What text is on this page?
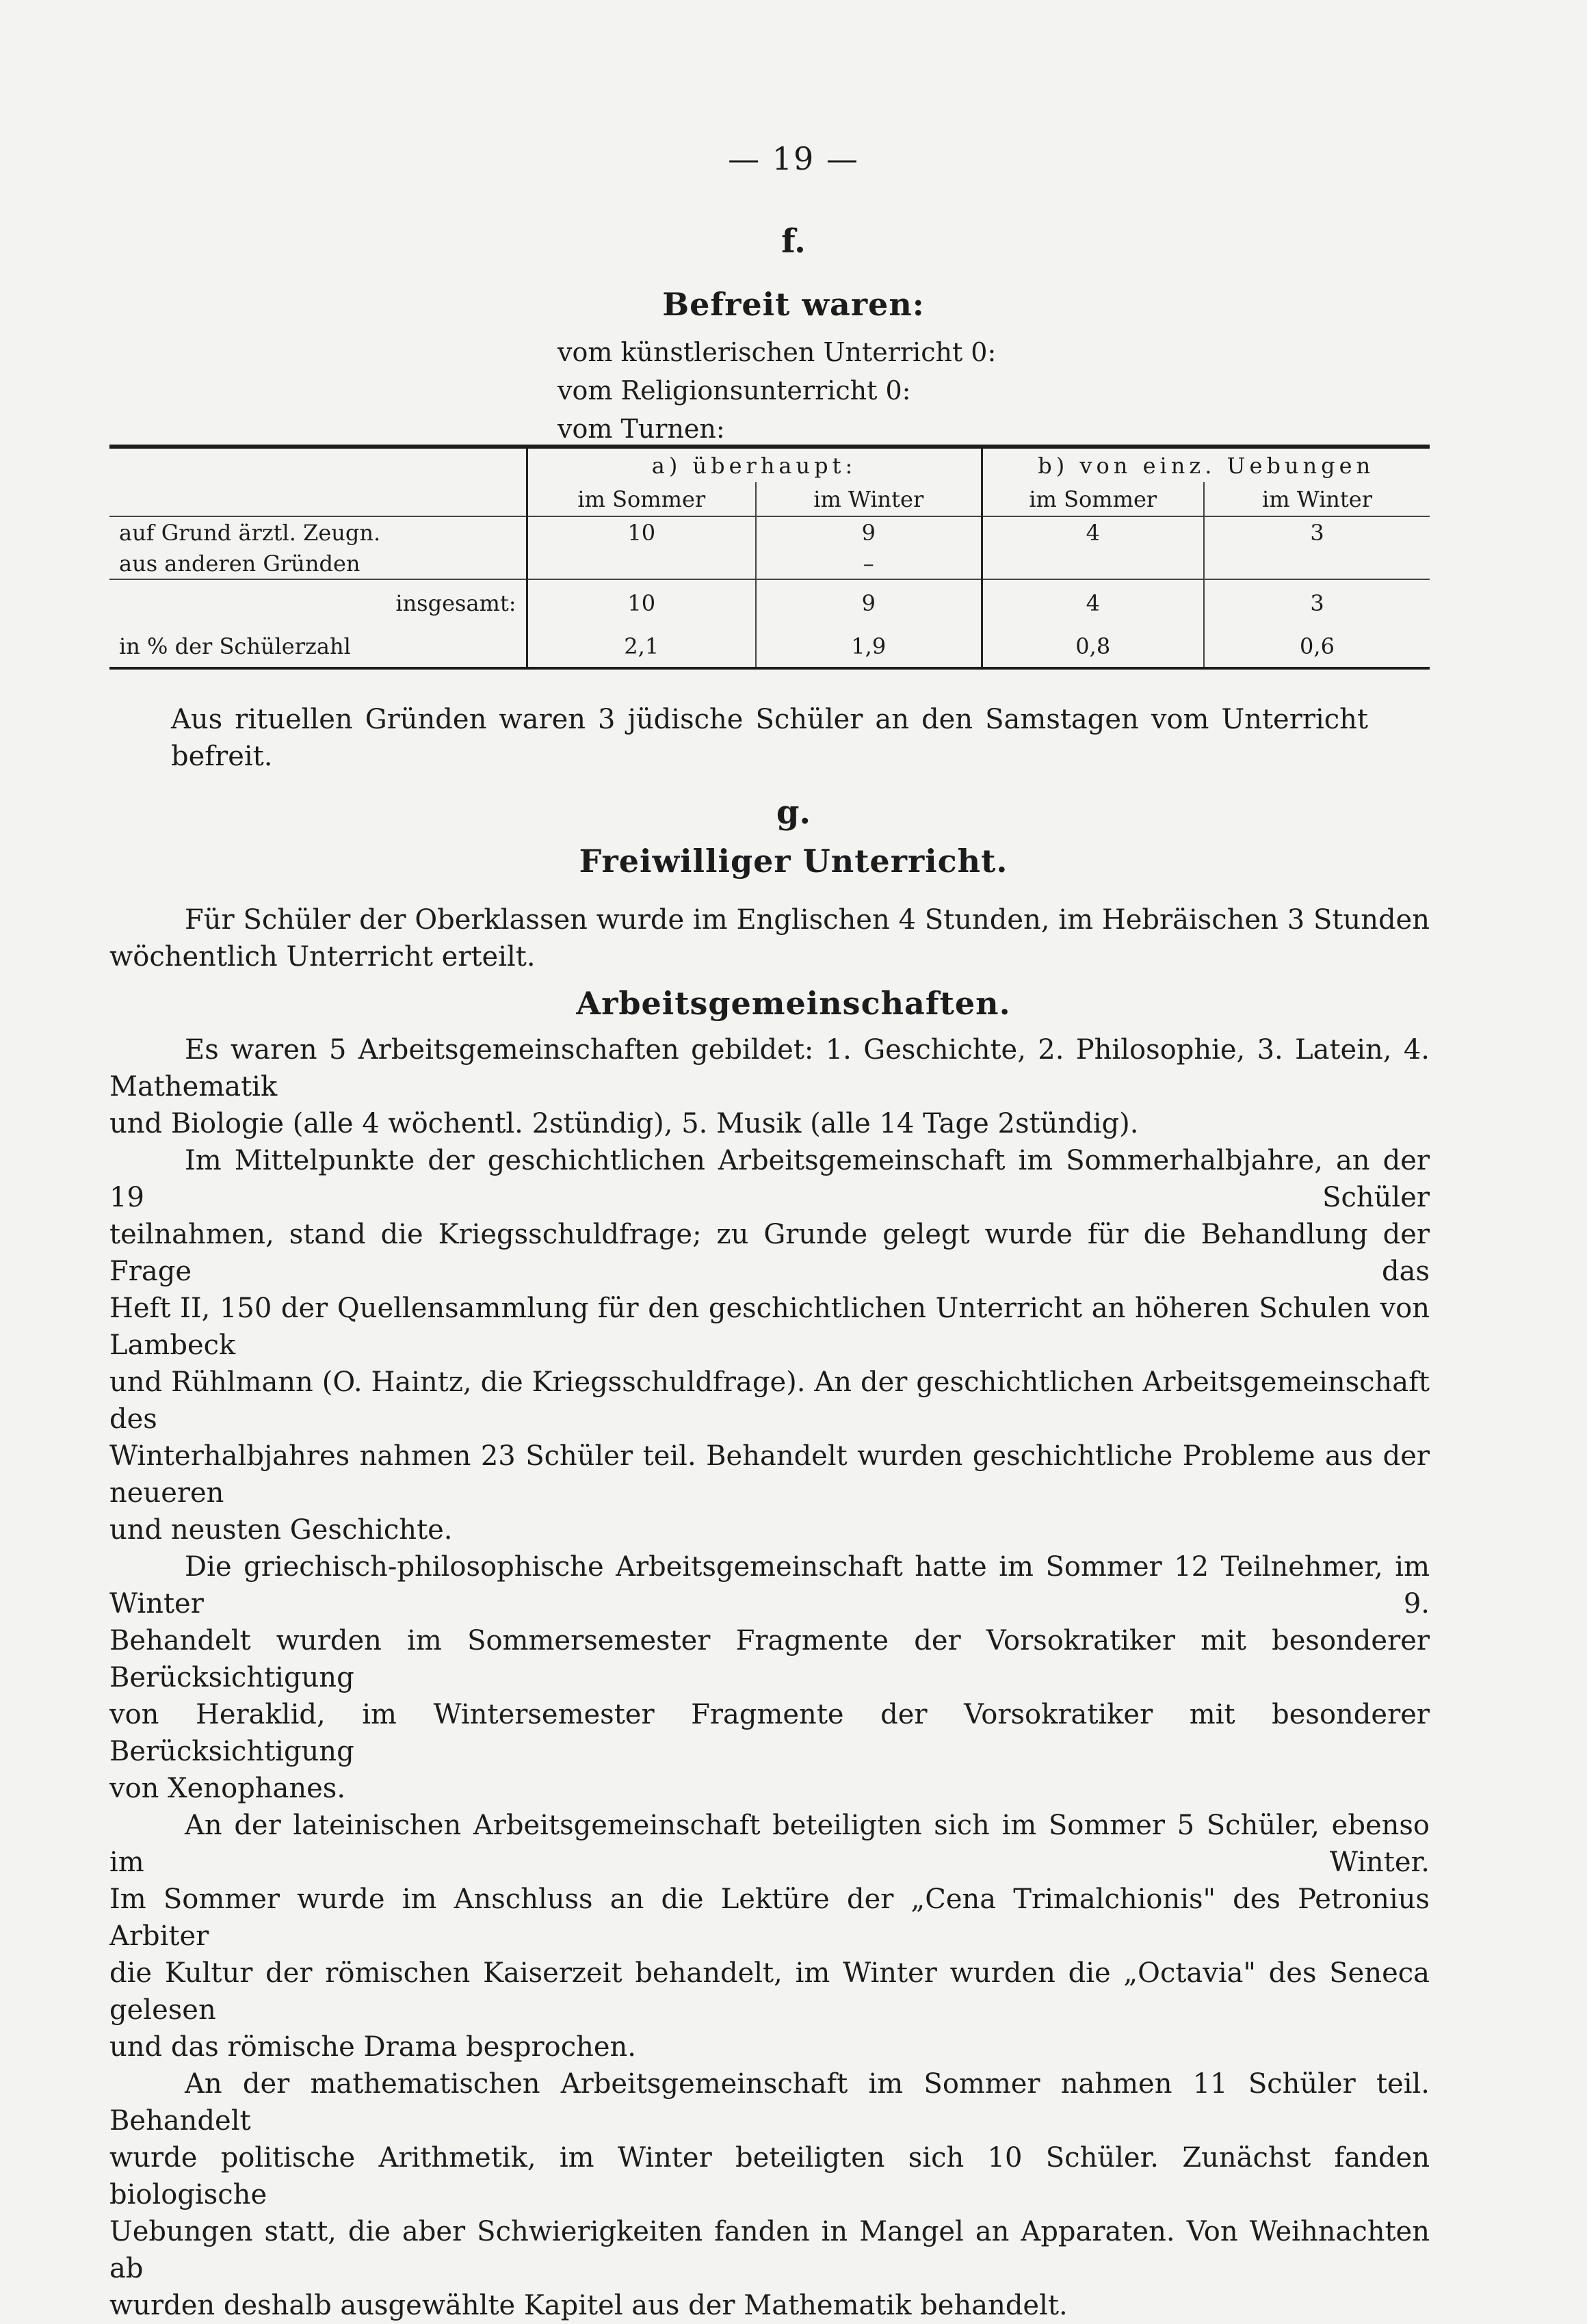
— 19 —
f.
Befreit waren:
vom künstlerischen Unterricht 0:
vom Religionsunterricht 0:
vom Turnen:
	a) überhaupt:		b) von einz. Uebungen	
	im Sommer	im Winter	im Sommer	im Winter
auf Grund ärztl. Zeugn.	10	9	4	3
aus anderen Gründen		–		
insgesamt:	10	9	4	3
in % der Schülerzahl	2,1	1,9	0,8	0,6
Aus rituellen Gründen waren 3 jüdische Schüler an den Samstagen vom Unterricht befreit.
g.
Freiwilliger Unterricht.
Für Schüler der Oberklassen wurde im Englischen 4 Stunden, im Hebräischen 3 Stunden
wöchentlich Unterricht erteilt.
Arbeitsgemeinschaften.
Es waren 5 Arbeitsgemeinschaften gebildet: 1. Geschichte, 2. Philosophie, 3. Latein, 4. Mathematik
und Biologie (alle 4 wöchentl. 2stündig), 5. Musik (alle 14 Tage 2stündig).
Im Mittelpunkte der geschichtlichen Arbeitsgemeinschaft im Sommerhalbjahre, an der 19 Schüler
teilnahmen, stand die Kriegsschuldfrage; zu Grunde gelegt wurde für die Behandlung der Frage das
Heft II, 150 der Quellensammlung für den geschichtlichen Unterricht an höheren Schulen von Lambeck
und Rühlmann (O. Haintz, die Kriegsschuldfrage). An der geschichtlichen Arbeitsgemeinschaft des
Winterhalbjahres nahmen 23 Schüler teil. Behandelt wurden geschichtliche Probleme aus der neueren
und neusten Geschichte.
Die griechisch-philosophische Arbeitsgemeinschaft hatte im Sommer 12 Teilnehmer, im Winter 9.
Behandelt wurden im Sommersemester Fragmente der Vorsokratiker mit besonderer Berücksichtigung
von Heraklid, im Wintersemester Fragmente der Vorsokratiker mit besonderer Berücksichtigung
von Xenophanes.
An der lateinischen Arbeitsgemeinschaft beteiligten sich im Sommer 5 Schüler, ebenso im Winter.
Im Sommer wurde im Anschluss an die Lektüre der „Cena Trimalchionis" des Petronius Arbiter
die Kultur der römischen Kaiserzeit behandelt, im Winter wurden die „Octavia" des Seneca gelesen
und das römische Drama besprochen.
An der mathematischen Arbeitsgemeinschaft im Sommer nahmen 11 Schüler teil. Behandelt
wurde politische Arithmetik, im Winter beteiligten sich 10 Schüler. Zunächst fanden biologische
Uebungen statt, die aber Schwierigkeiten fanden in Mangel an Apparaten. Von Weihnachten ab
wurden deshalb ausgewählte Kapitel aus der Mathematik behandelt.
